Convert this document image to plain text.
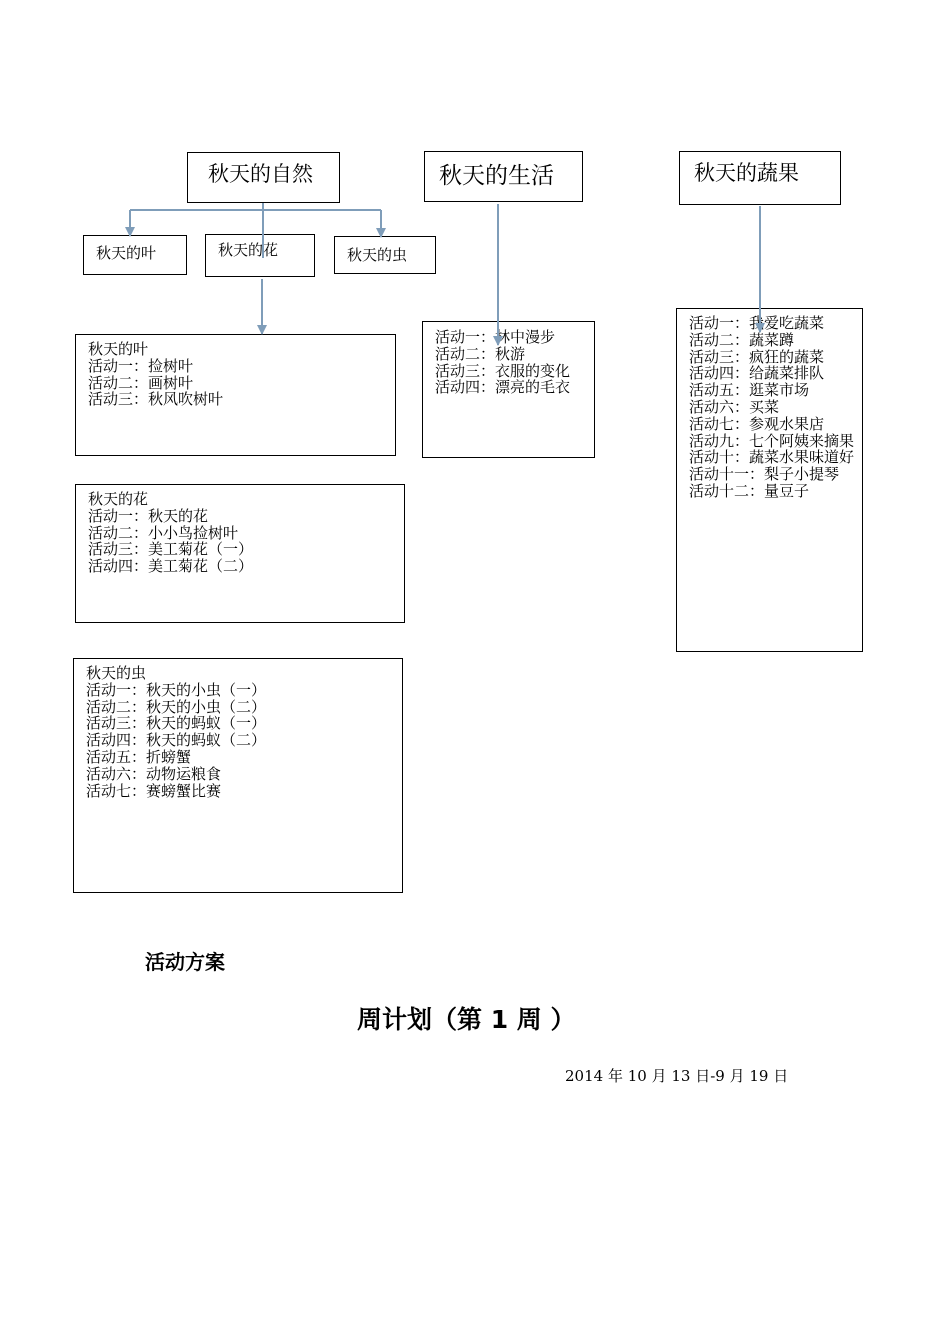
秋天的自然	秋天的生活	秋天的蔬果
秋天的叶	秋天的花	秋天的虫
秋天的叶
活动一：捡树叶
活动二：画树叶
活动三：秋风吹树叶
秋天的花
活动一：秋天的花
活动二：小小鸟捡树叶
活动三：美工菊花（一）
活动四：美工菊花（二）
秋天的虫
活动一：秋天的小虫（一）
活动二：秋天的小虫（二）
活动三：秋天的蚂蚁（一）
活动四：秋天的蚂蚁（二）
活动五：折螃蟹
活动六：动物运粮食
活动七：赛螃蟹比赛
活动一：林中漫步
活动二：秋游
活动三：衣服的变化
活动四：漂亮的毛衣
活动一：我爱吃蔬菜
活动二：蔬菜蹲
活动三：疯狂的蔬菜
活动四：给蔬菜排队
活动五：逛菜市场
活动六：买菜
活动七：参观水果店
活动九：七个阿姨来摘果
活动十：蔬菜水果味道好
活动十一：梨子小提琴
活动十二：量豆子
活动方案
周计划（第 1 周 ）
2014 年 10 月 13 日-9 月 19 日
